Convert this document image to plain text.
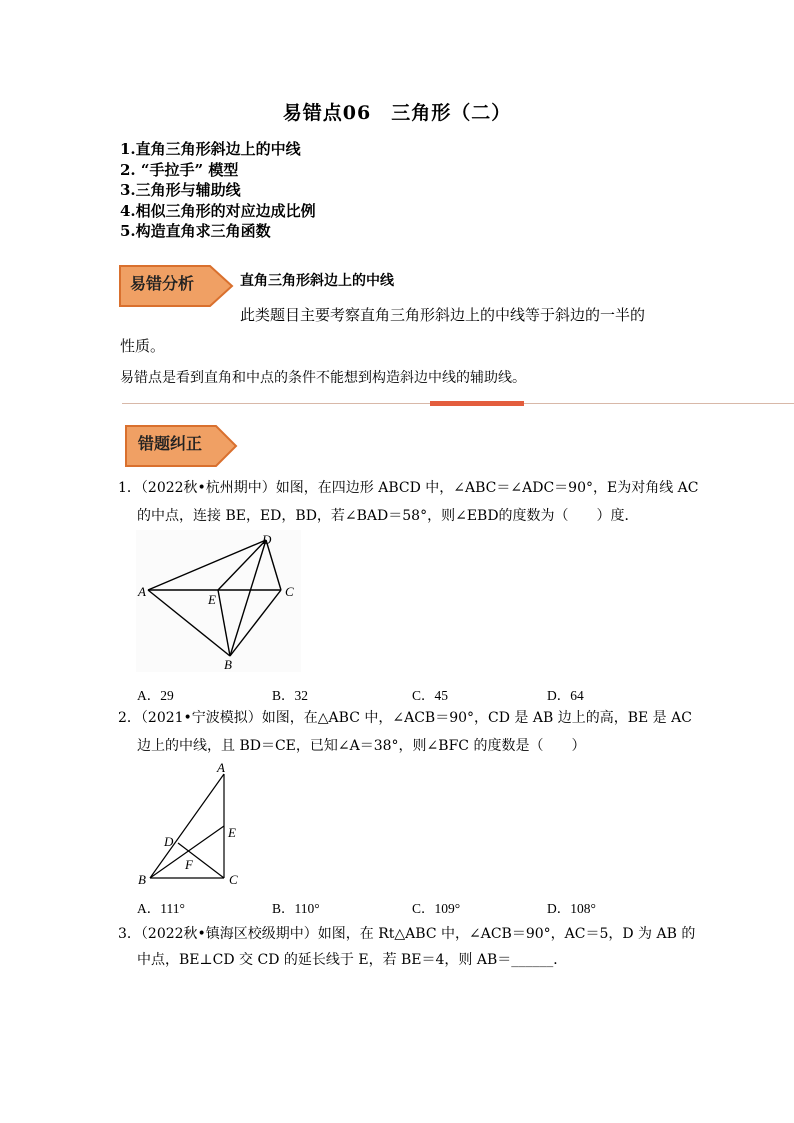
易错点06　三角形（二）
1.直角三角形斜边上的中线
2. “手拉手” 模型
3.三角形与辅助线
4.相似三角形的对应边成比例
5.构造直角求三角函数
易错分析	直角三角形斜边上的中线
此类题目主要考察直角三角形斜边上的中线等于斜边的一半的
性质。
易错点是看到直角和中点的条件不能想到构造斜边中线的辅助线。
错题纠正
1．（2022秋•杭州期中）如图，在四边形 ABCD 中，∠ABC＝∠ADC＝90°，E为对角线 AC
的中点，连接 BE，ED，BD，若∠BAD＝58°，则∠EBD的度数为（　　）度．
A
D
E
C
B
A．29	B．32	C．45	D．64
2．（2021•宁波模拟）如图，在△ABC 中，∠ACB＝90°，CD 是 AB 边上的高，BE 是 AC
边上的中线，且 BD＝CE，已知∠A＝38°，则∠BFC 的度数是（　　）
A
E
D
F
B	C
A．111°	B．110°	C．109°	D．108°
3．（2022秋•镇海区校级期中）如图，在 Rt△ABC 中，∠ACB＝90°，AC＝5，D 为 AB 的
中点，BE⊥CD 交 CD 的延长线于 E，若 BE＝4，则 AB＝______．
